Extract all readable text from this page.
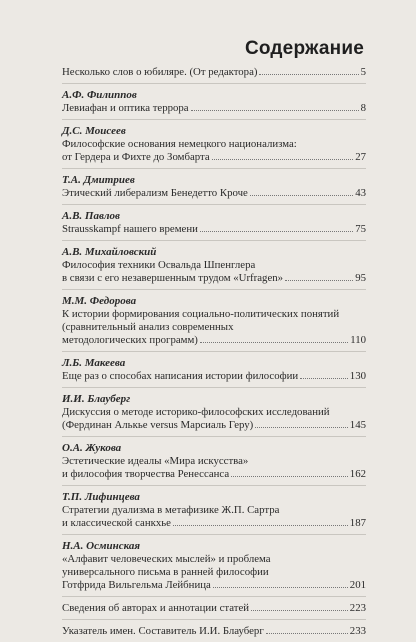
Содержание
Несколько слов о юбиляре. (От редактора)	5
А.Ф. Филиппов
Левиафан и оптика террора	8
Д.С. Моисеев
Философские основания немецкого национализма:
от Гердера и Фихте до Зомбарта	27
Т.А. Дмитриев
Этический либерализм Бенедетто Кроче	43
А.В. Павлов
Strausskampf нашего времени	75
А.В. Михайловский
Философия техники Освальда Шпенглера
в связи с его незавершенным трудом «Urfragen»	95
М.М. Федорова
К истории формирования социально-политических понятий
(сравнительный анализ современных
методологических программ)	110
Л.Б. Макеева
Еще раз о способах написания истории философии	130
И.И. Блауберг
Дискуссия о методе историко-философских исследований
(Фердинан Алькье versus Марсиаль Геру)	145
О.А. Жукова
Эстетические идеалы «Мира искусства»
и философия творчества Ренессанса	162
Т.П. Лифинцева
Стратегии дуализма в метафизике Ж.П. Сартра
и классической санкхье	187
Н.А. Осминская
«Алфавит человеческих мыслей» и проблема
универсального письма в ранней философии
Готфрида Вильгельма Лейбница	201
Сведения об авторах и аннотации статей	223
Указатель имен. Составитель И.И. Блауберг	233
